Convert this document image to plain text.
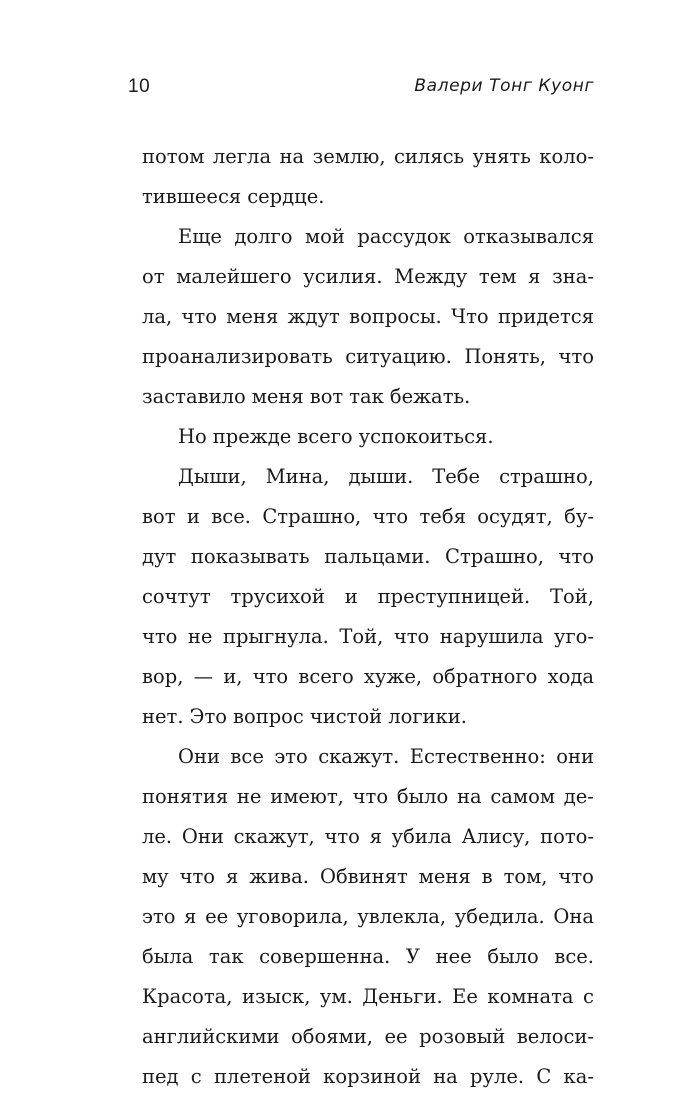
10	Валери Тонг Куонг
потом легла на землю, силясь унять коло-
тившееся сердце.
Еще долго мой рассудок отказывался
от малейшего усилия. Между тем я зна-
ла, что меня ждут вопросы. Что придется
проанализировать ситуацию. Понять, что
заставило меня вот так бежать.
Но прежде всего успокоиться.
Дыши, Мина, дыши. Тебе страшно,
вот и все. Страшно, что тебя осудят, бу-
дут показывать пальцами. Страшно, что
сочтут трусихой и преступницей. Той,
что не прыгнула. Той, что нарушила уго-
вор, — и, что всего хуже, обратного хода
нет. Это вопрос чистой логики.
Они все это скажут. Естественно: они
понятия не имеют, что было на самом де-
ле. Они скажут, что я убила Алису, пото-
му что я жива. Обвинят меня в том, что
это я ее уговорила, увлекла, убедила. Она
была так совершенна. У нее было все.
Красота, изыск, ум. Деньги. Ее комната с
английскими обоями, ее розовый велоси-
пед с плетеной корзиной на руле. С ка-
